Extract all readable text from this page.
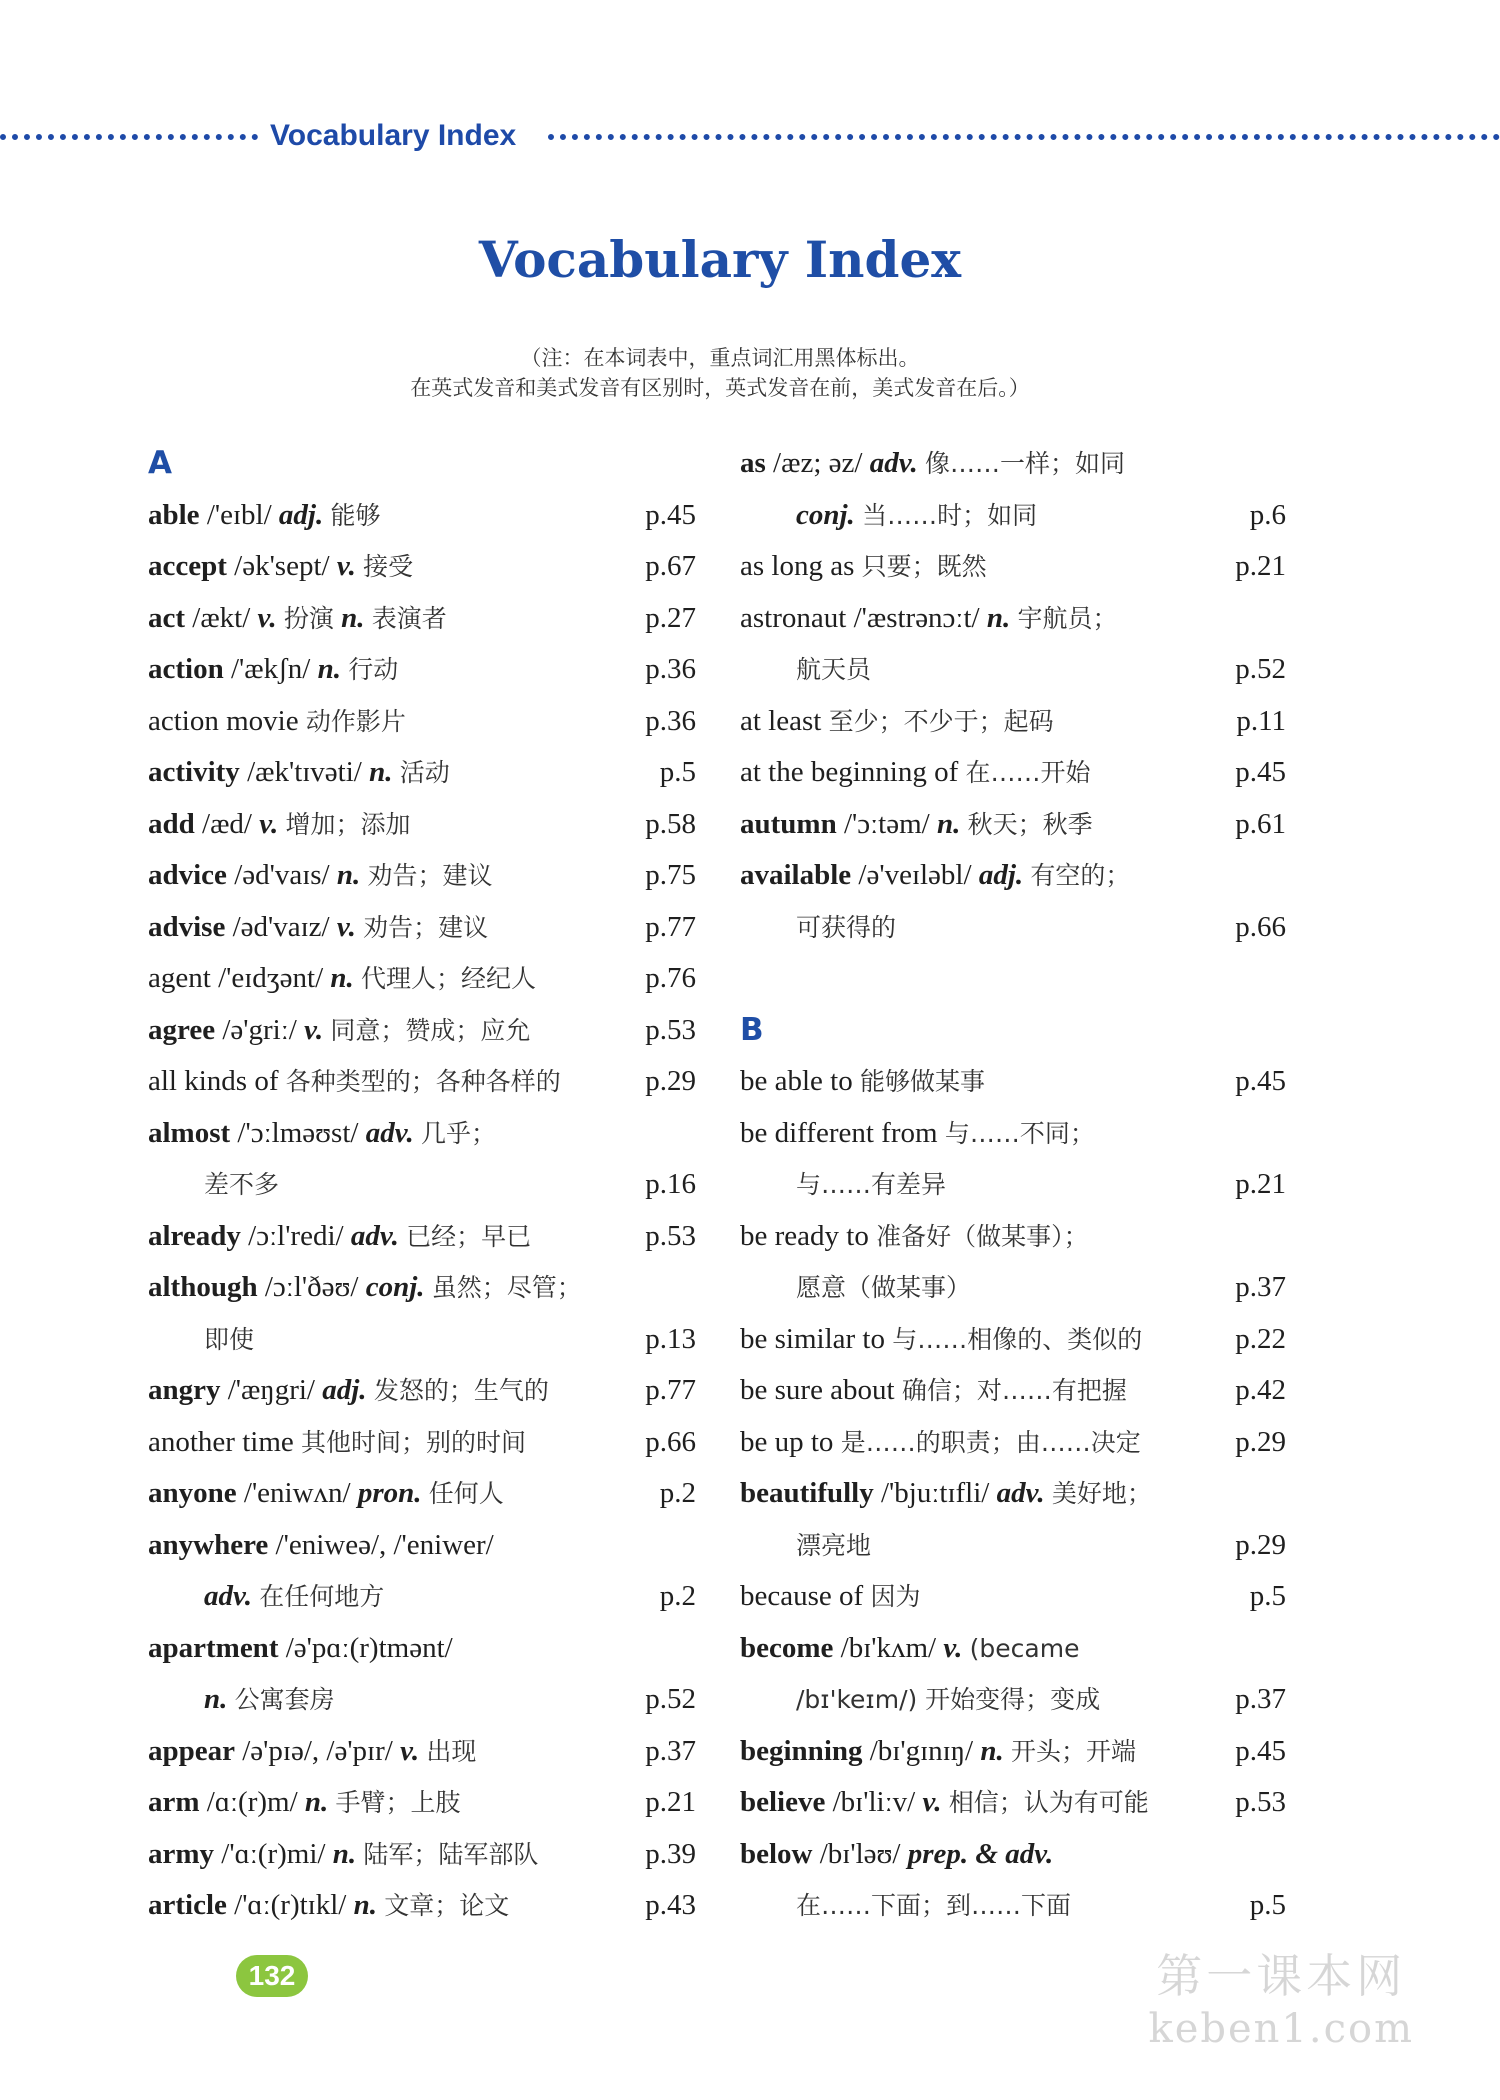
Vocabulary Index
Vocabulary Index
（注：在本词表中，重点词汇用黑体标出。
在英式发音和美式发音有区别时，英式发音在前，美式发音在后。）
A
able /'eɪbl/ adj. 能够	p.45
accept /ək'sept/ v. 接受	p.67
act /ækt/ v. 扮演 n. 表演者	p.27
action /'ækʃn/ n. 行动	p.36
action movie 动作影片	p.36
activity /æk'tɪvəti/ n. 活动	p.5
add /æd/ v. 增加；添加	p.58
advice /əd'vaɪs/ n. 劝告；建议	p.75
advise /əd'vaɪz/ v. 劝告；建议	p.77
agent /'eɪdʒənt/ n. 代理人；经纪人	p.76
agree /ə'griː/ v. 同意；赞成；应允	p.53
all kinds of 各种类型的；各种各样的	p.29
almost /'ɔːlməʊst/ adv. 几乎；
差不多	p.16
already /ɔːl'redi/ adv. 已经；早已	p.53
although /ɔːl'ðəʊ/ conj. 虽然；尽管；
即使	p.13
angry /'æŋgri/ adj. 发怒的；生气的	p.77
another time 其他时间；别的时间	p.66
anyone /'eniwʌn/ pron. 任何人	p.2
anywhere /'eniweə/, /'eniwer/
adv. 在任何地方	p.2
apartment /ə'pɑː(r)tmənt/
n. 公寓套房	p.52
appear /ə'pɪə/, /ə'pɪr/ v. 出现	p.37
arm /ɑː(r)m/ n. 手臂；上肢	p.21
army /'ɑː(r)mi/ n. 陆军；陆军部队	p.39
article /'ɑː(r)tɪkl/ n. 文章；论文	p.43
as /æz; əz/ adv. 像……一样；如同
conj. 当……时；如同	p.6
as long as 只要；既然	p.21
astronaut /'æstrənɔːt/ n. 宇航员；
航天员	p.52
at least 至少；不少于；起码	p.11
at the beginning of 在……开始	p.45
autumn /'ɔːtəm/ n. 秋天；秋季	p.61
available /ə'veɪləbl/ adj. 有空的；
可获得的	p.66
B
be able to 能够做某事	p.45
be different from 与……不同；
与……有差异	p.21
be ready to 准备好（做某事）；
愿意（做某事）	p.37
be similar to 与……相像的、类似的	p.22
be sure about 确信；对……有把握	p.42
be up to 是……的职责；由……决定	p.29
beautifully /'bjuːtɪfli/ adv. 美好地；
漂亮地	p.29
because of 因为	p.5
become /bɪ'kʌm/ v. (became
/bɪ'keɪm/) 开始变得；变成	p.37
beginning /bɪ'gɪnɪŋ/ n. 开头；开端	p.45
believe /bɪ'liːv/ v. 相信；认为有可能	p.53
below /bɪ'ləʊ/ prep. & adv.
在……下面；到……下面	p.5
132	第一课本网
keben1.com
